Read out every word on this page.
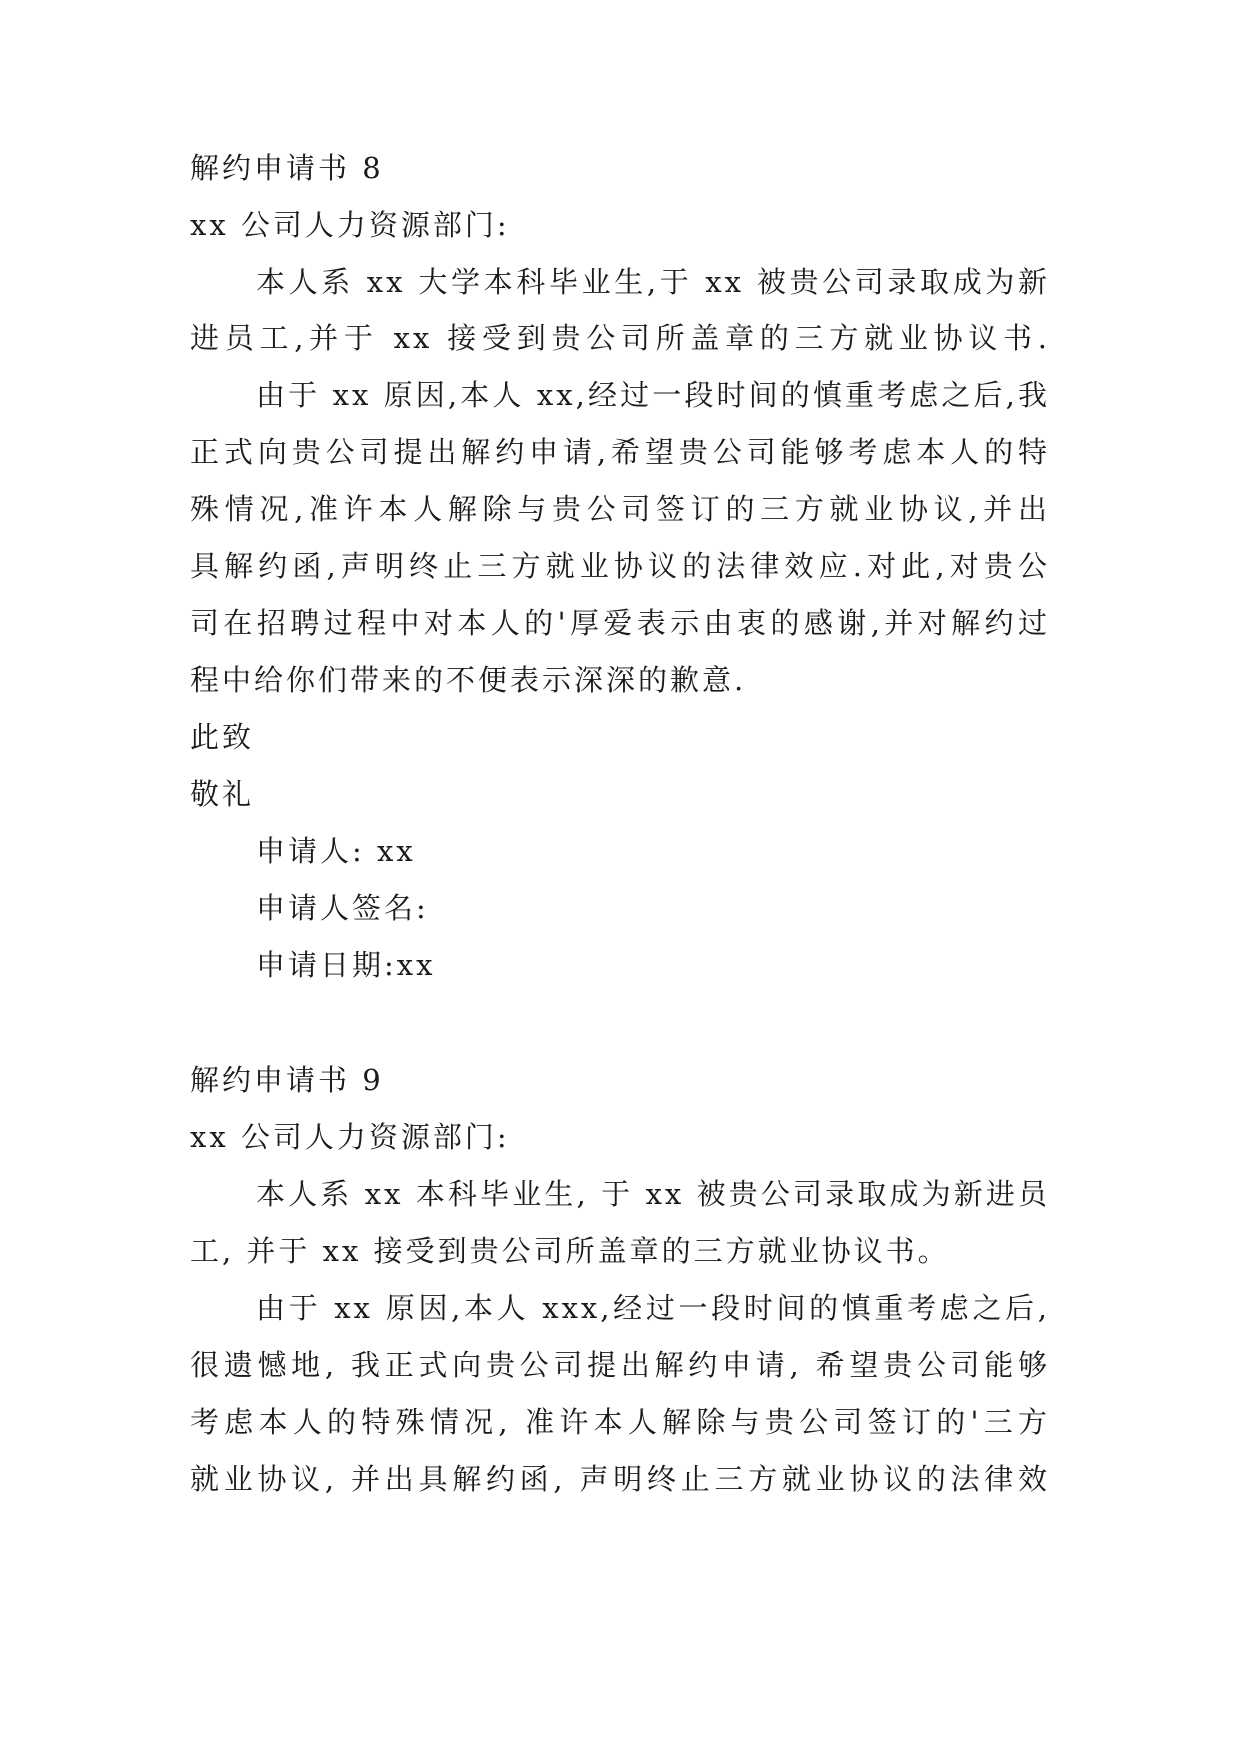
解约申请书 8
xx 公司人力资源部门:
本人系 xx 大学本科毕业生,于 xx 被贵公司录取成为新
进员工,并于 xx 接受到贵公司所盖章的三方就业协议书.
由于 xx 原因,本人 xx,经过一段时间的慎重考虑之后,我
正式向贵公司提出解约申请,希望贵公司能够考虑本人的特
殊情况,准许本人解除与贵公司签订的三方就业协议,并出
具解约函,声明终止三方就业协议的法律效应.对此,对贵公
司在招聘过程中对本人的'厚爱表示由衷的感谢,并对解约过
程中给你们带来的不便表示深深的歉意.
此致
敬礼
申请人: xx
申请人签名:
申请日期:xx
解约申请书 9
xx 公司人力资源部门:
本人系 xx 本科毕业生, 于 xx 被贵公司录取成为新进员
工, 并于 xx 接受到贵公司所盖章的三方就业协议书。
由于 xx 原因,本人 xxx,经过一段时间的慎重考虑之后,
很遗憾地, 我正式向贵公司提出解约申请, 希望贵公司能够
考虑本人的特殊情况, 准许本人解除与贵公司签订的'三方
就业协议, 并出具解约函, 声明终止三方就业协议的法律效
